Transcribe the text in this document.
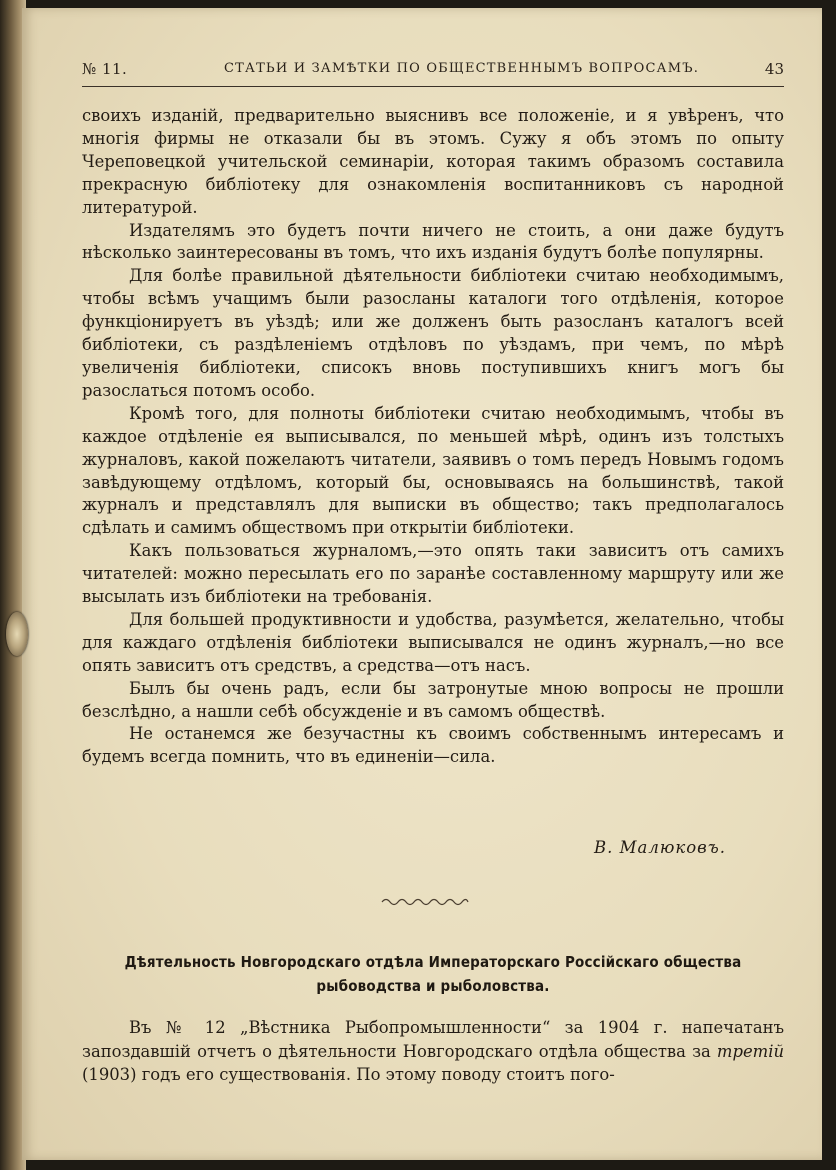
№ 11.	СТАТЬИ И ЗАМѢТКИ ПО ОБЩЕСТВЕННЫМЪ ВОПРОСАМЪ.	43

своихъ изданій, предварительно выяснивъ все положеніе, и я увѣренъ, что многія фирмы не отказали бы въ этомъ. Сужу я объ этомъ по опыту Череповецкой учительской семинаріи, которая такимъ образомъ составила прекрасную библіотеку для ознакомленія воспитанниковъ съ народной литературой.

Издателямъ это будетъ почти ничего не стоить, а они даже будутъ нѣсколько заинтересованы въ томъ, что ихъ изданія будутъ болѣе популярны.

Для болѣе правильной дѣятельности библіотеки считаю необходимымъ, чтобы всѣмъ учащимъ были разосланы каталоги того отдѣленія, которое функціонируетъ въ уѣздѣ; или же долженъ быть разосланъ каталогъ всей библіотеки, съ раздѣленіемъ отдѣловъ по уѣздамъ, при чемъ, по мѣрѣ увеличенія библіотеки, списокъ вновь поступившихъ книгъ могъ бы разослаться потомъ особо.

Кромѣ того, для полноты библіотеки считаю необходимымъ, чтобы въ каждое отдѣленіе ея выписывался, по меньшей мѣрѣ, одинъ изъ толстыхъ журналовъ, какой пожелаютъ читатели, заявивъ о томъ передъ Новымъ годомъ завѣдующему отдѣломъ, который бы, основываясь на большинствѣ, такой журналъ и представлялъ для выписки въ общество; такъ предполагалось сдѣлать и самимъ обществомъ при открытіи библіотеки.

Какъ пользоваться журналомъ,—это опять таки зависитъ отъ самихъ читателей: можно пересылать его по заранѣе составленному маршруту или же высылать изъ библіотеки на требованія.

Для большей продуктивности и удобства, разумѣется, желательно, чтобы для каждаго отдѣленія библіотеки выписывался не одинъ журналъ,—но все опять зависитъ отъ средствъ, а средства—отъ насъ.

Былъ бы очень радъ, если бы затронутые мною вопросы не прошли безслѣдно, а нашли себѣ обсужденіе и въ самомъ обществѣ.

Не останемся же безучастны къ своимъ собственнымъ интересамъ и будемъ всегда помнить, что въ единеніи—сила.

В. Малюковъ.
Дѣятельность Новгородскаго отдѣла Императорскаго Россійскаго общества рыбоводства и рыболовства.

Въ № 12 „Вѣстника Рыбопромышленности“ за 1904 г. напечатанъ запоздавшій отчетъ о дѣятельности Новгородскаго отдѣла общества за третій (1903) годъ его существованія. По этому поводу стоитъ пого-
